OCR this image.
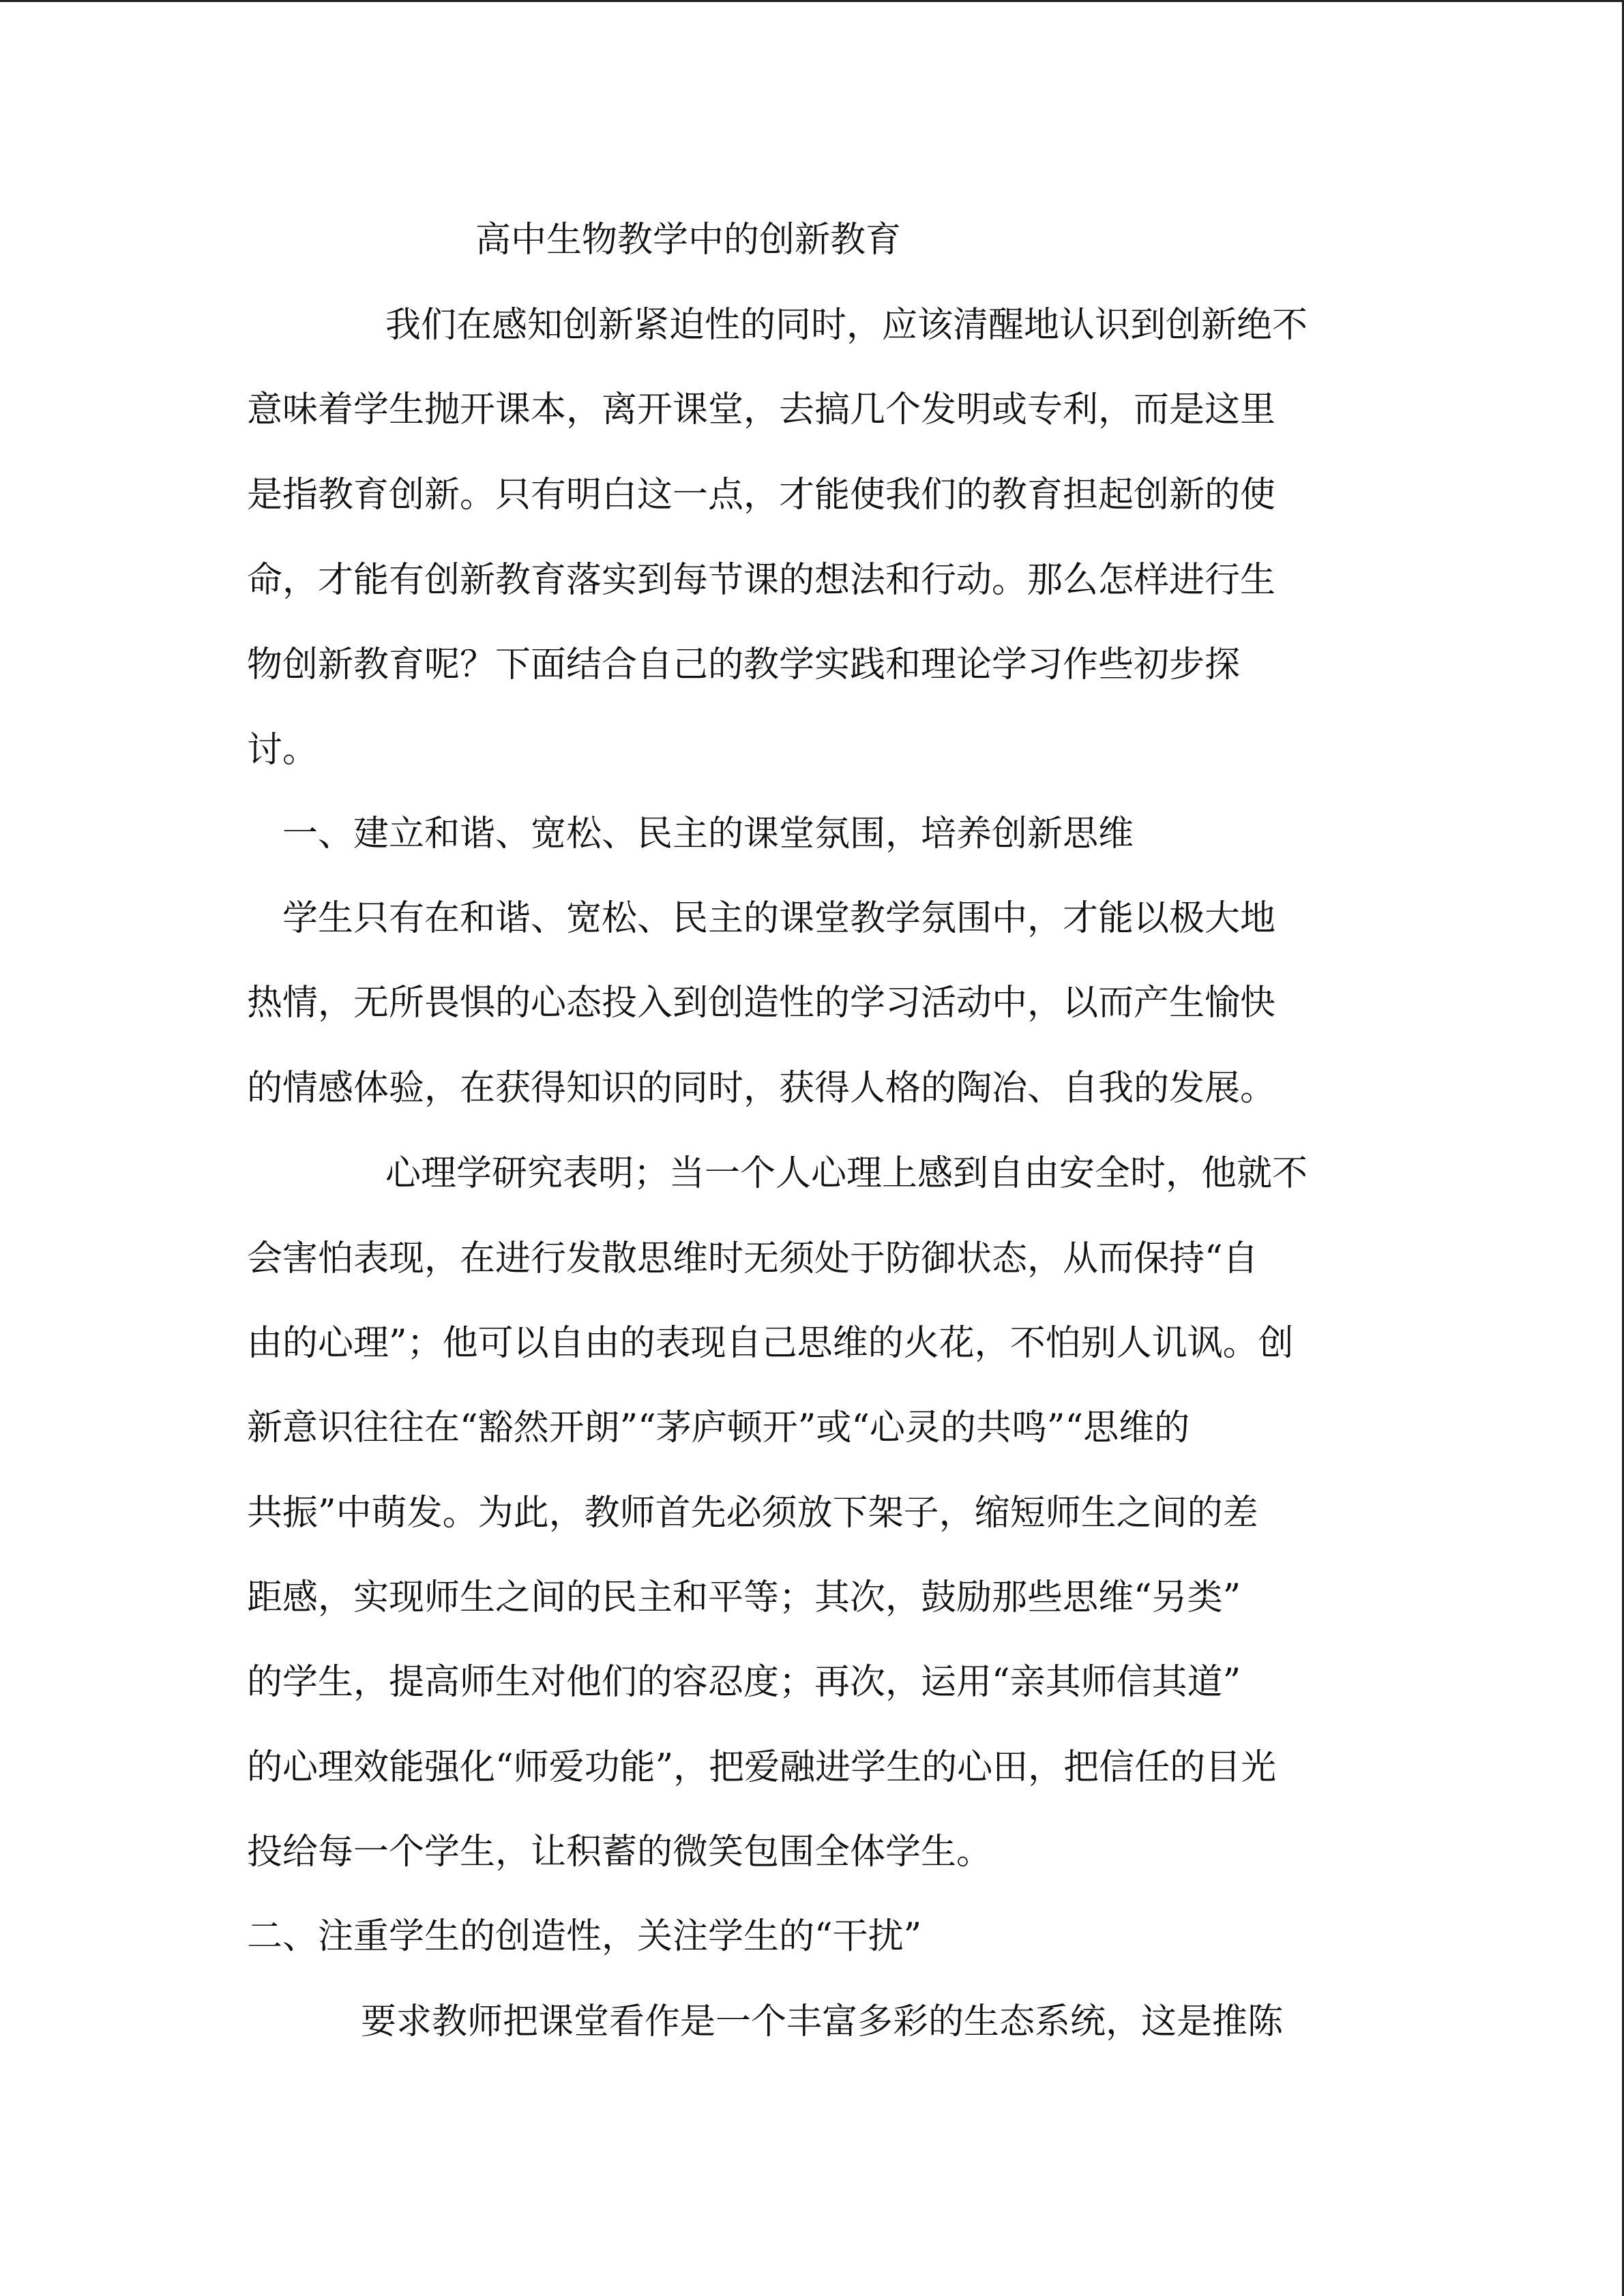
高中生物教学中的创新教育
我们在感知创新紧迫性的同时，应该清醒地认识到创新绝不
意味着学生抛开课本，离开课堂，去搞几个发明或专利，而是这里
是指教育创新。只有明白这一点，才能使我们的教育担起创新的使
命，才能有创新教育落实到每节课的想法和行动。那么怎样进行生
物创新教育呢？下面结合自己的教学实践和理论学习作些初步探
讨。
一、建立和谐、宽松、民主的课堂氛围，培养创新思维
学生只有在和谐、宽松、民主的课堂教学氛围中，才能以极大地
热情，无所畏惧的心态投入到创造性的学习活动中，以而产生愉快
的情感体验，在获得知识的同时，获得人格的陶冶、自我的发展。
心理学研究表明；当一个人心理上感到自由安全时，他就不
会害怕表现，在进行发散思维时无须处于防御状态，从而保持“自
由的心理”；他可以自由的表现自己思维的火花，不怕别人讥讽。创
新意识往往在“豁然开朗”“茅庐顿开”或“心灵的共鸣”“思维的
共振”中萌发。为此，教师首先必须放下架子，缩短师生之间的差
距感，实现师生之间的民主和平等；其次，鼓励那些思维“另类”
的学生，提高师生对他们的容忍度；再次，运用“亲其师信其道”
的心理效能强化“师爱功能”，把爱融进学生的心田，把信任的目光
投给每一个学生，让积蓄的微笑包围全体学生。
二、注重学生的创造性，关注学生的“干扰”
要求教师把课堂看作是一个丰富多彩的生态系统，这是推陈
